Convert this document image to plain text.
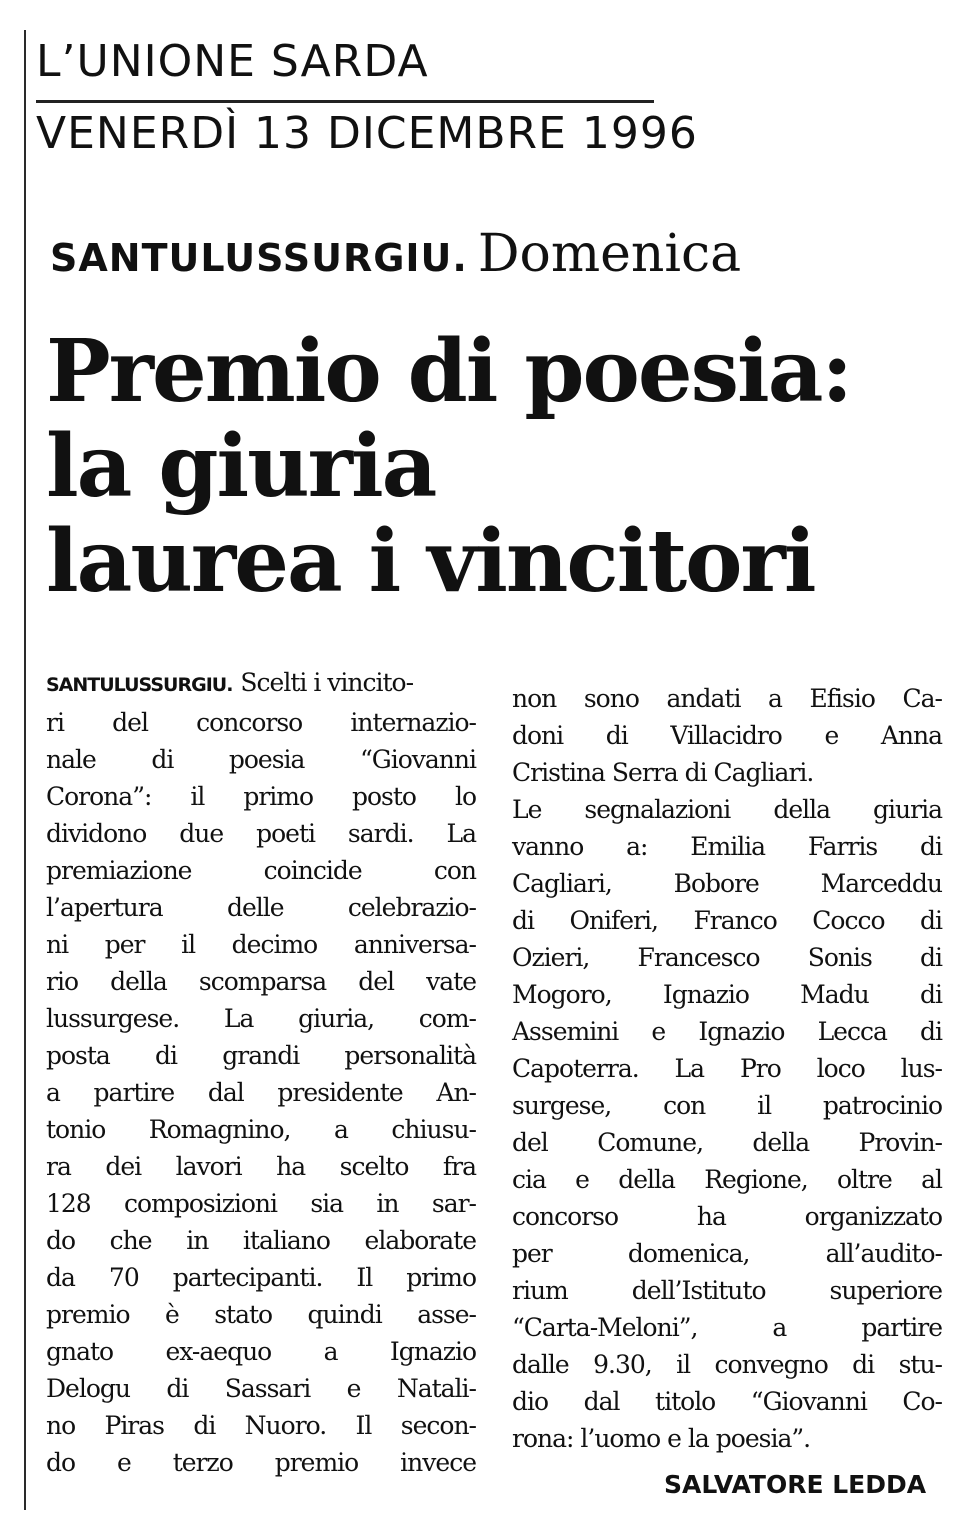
L’UNIONE SARDA
VENERDÌ 13 DICEMBRE 1996
SANTULUSSURGIU. Domenica
Premio di poesia:
la giuria
laurea i vincitori
SANTULUSSURGIU. Scelti i vincito-
ri del concorso internazio-
nale di poesia “Giovanni
Corona”: il primo posto lo
dividono due poeti sardi. La
premiazione coincide con
l’apertura delle celebrazio-
ni per il decimo anniversa-
rio della scomparsa del vate
lussurgese. La giuria, com-
posta di grandi personalità
a partire dal presidente An-
tonio Romagnino, a chiusu-
ra dei lavori ha scelto fra
128 composizioni sia in sar-
do che in italiano elaborate
da 70 partecipanti. Il primo
premio è stato quindi asse-
gnato ex-aequo a Ignazio
Delogu di Sassari e Natali-
no Piras di Nuoro. Il secon-
do e terzo premio invece
non sono andati a Efisio Ca-
doni di Villacidro e Anna
Cristina Serra di Cagliari.
Le segnalazioni della giuria
vanno a: Emilia Farris di
Cagliari, Bobore Marceddu
di Oniferi, Franco Cocco di
Ozieri, Francesco Sonis di
Mogoro, Ignazio Madu di
Assemini e Ignazio Lecca di
Capoterra. La Pro loco lus-
surgese, con il patrocinio
del Comune, della Provin-
cia e della Regione, oltre al
concorso ha organizzato
per domenica, all’audito-
rium dell’Istituto superiore
“Carta-Meloni”, a partire
dalle 9.30, il convegno di stu-
dio dal titolo “Giovanni Co-
rona: l’uomo e la poesia”.
SALVATORE LEDDA
